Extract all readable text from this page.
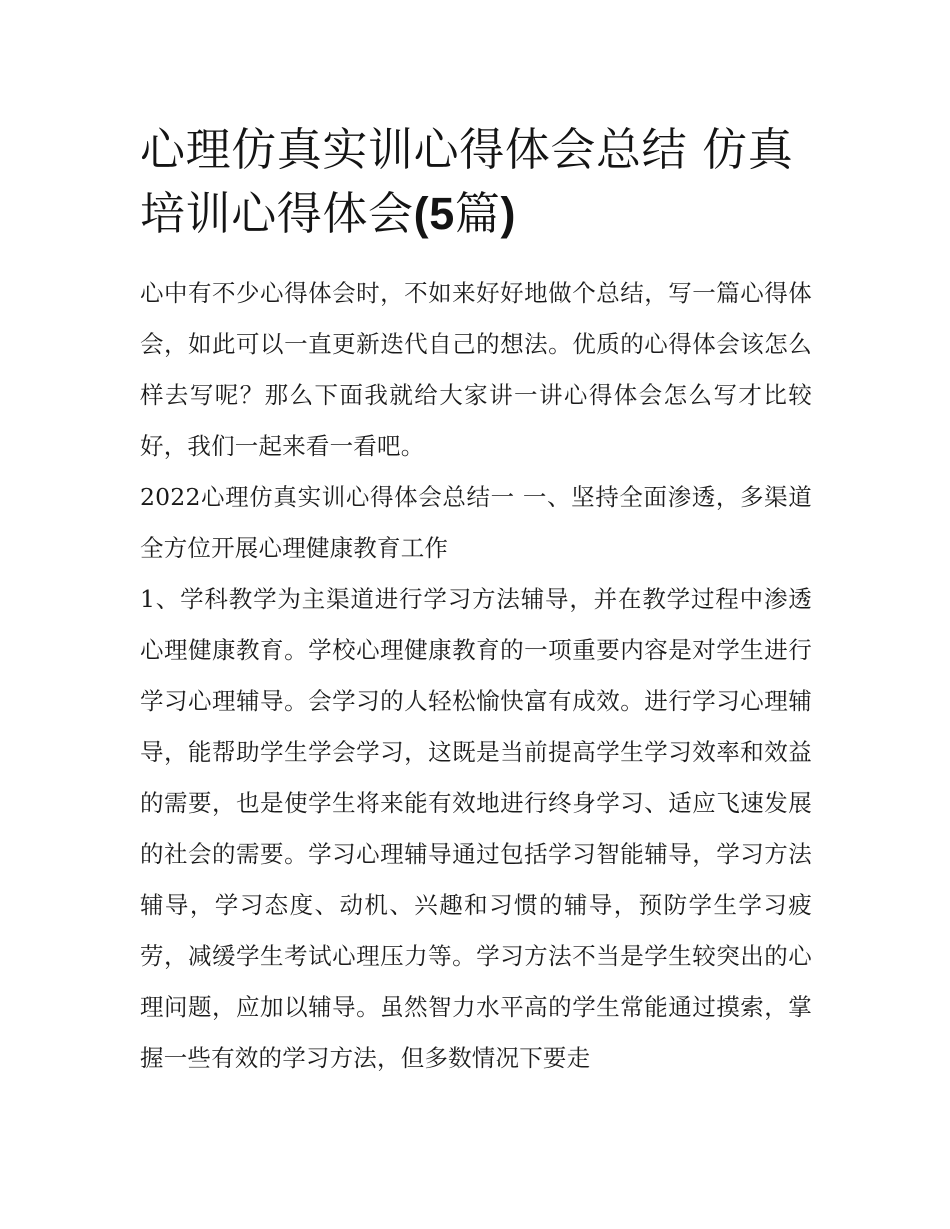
心理仿真实训心得体会总结 仿真培训心得体会(5篇)

心中有不少心得体会时，不如来好好地做个总结，写一篇心得体会，如此可以一直更新迭代自己的想法。优质的心得体会该怎么样去写呢？那么下面我就给大家讲一讲心得体会怎么写才比较好，我们一起来看一看吧。

2022心理仿真实训心得体会总结一 一、坚持全面渗透，多渠道全方位开展心理健康教育工作

1、学科教学为主渠道进行学习方法辅导，并在教学过程中渗透心理健康教育。学校心理健康教育的一项重要内容是对学生进行学习心理辅导。会学习的人轻松愉快富有成效。进行学习心理辅导，能帮助学生学会学习，这既是当前提高学生学习效率和效益的需要，也是使学生将来能有效地进行终身学习、适应飞速发展的社会的需要。学习心理辅导通过包括学习智能辅导，学习方法辅导，学习态度、动机、兴趣和习惯的辅导，预防学生学习疲劳，减缓学生考试心理压力等。学习方法不当是学生较突出的心理问题，应加以辅导。虽然智力水平高的学生常能通过摸索，掌握一些有效的学习方法，但多数情况下要走
